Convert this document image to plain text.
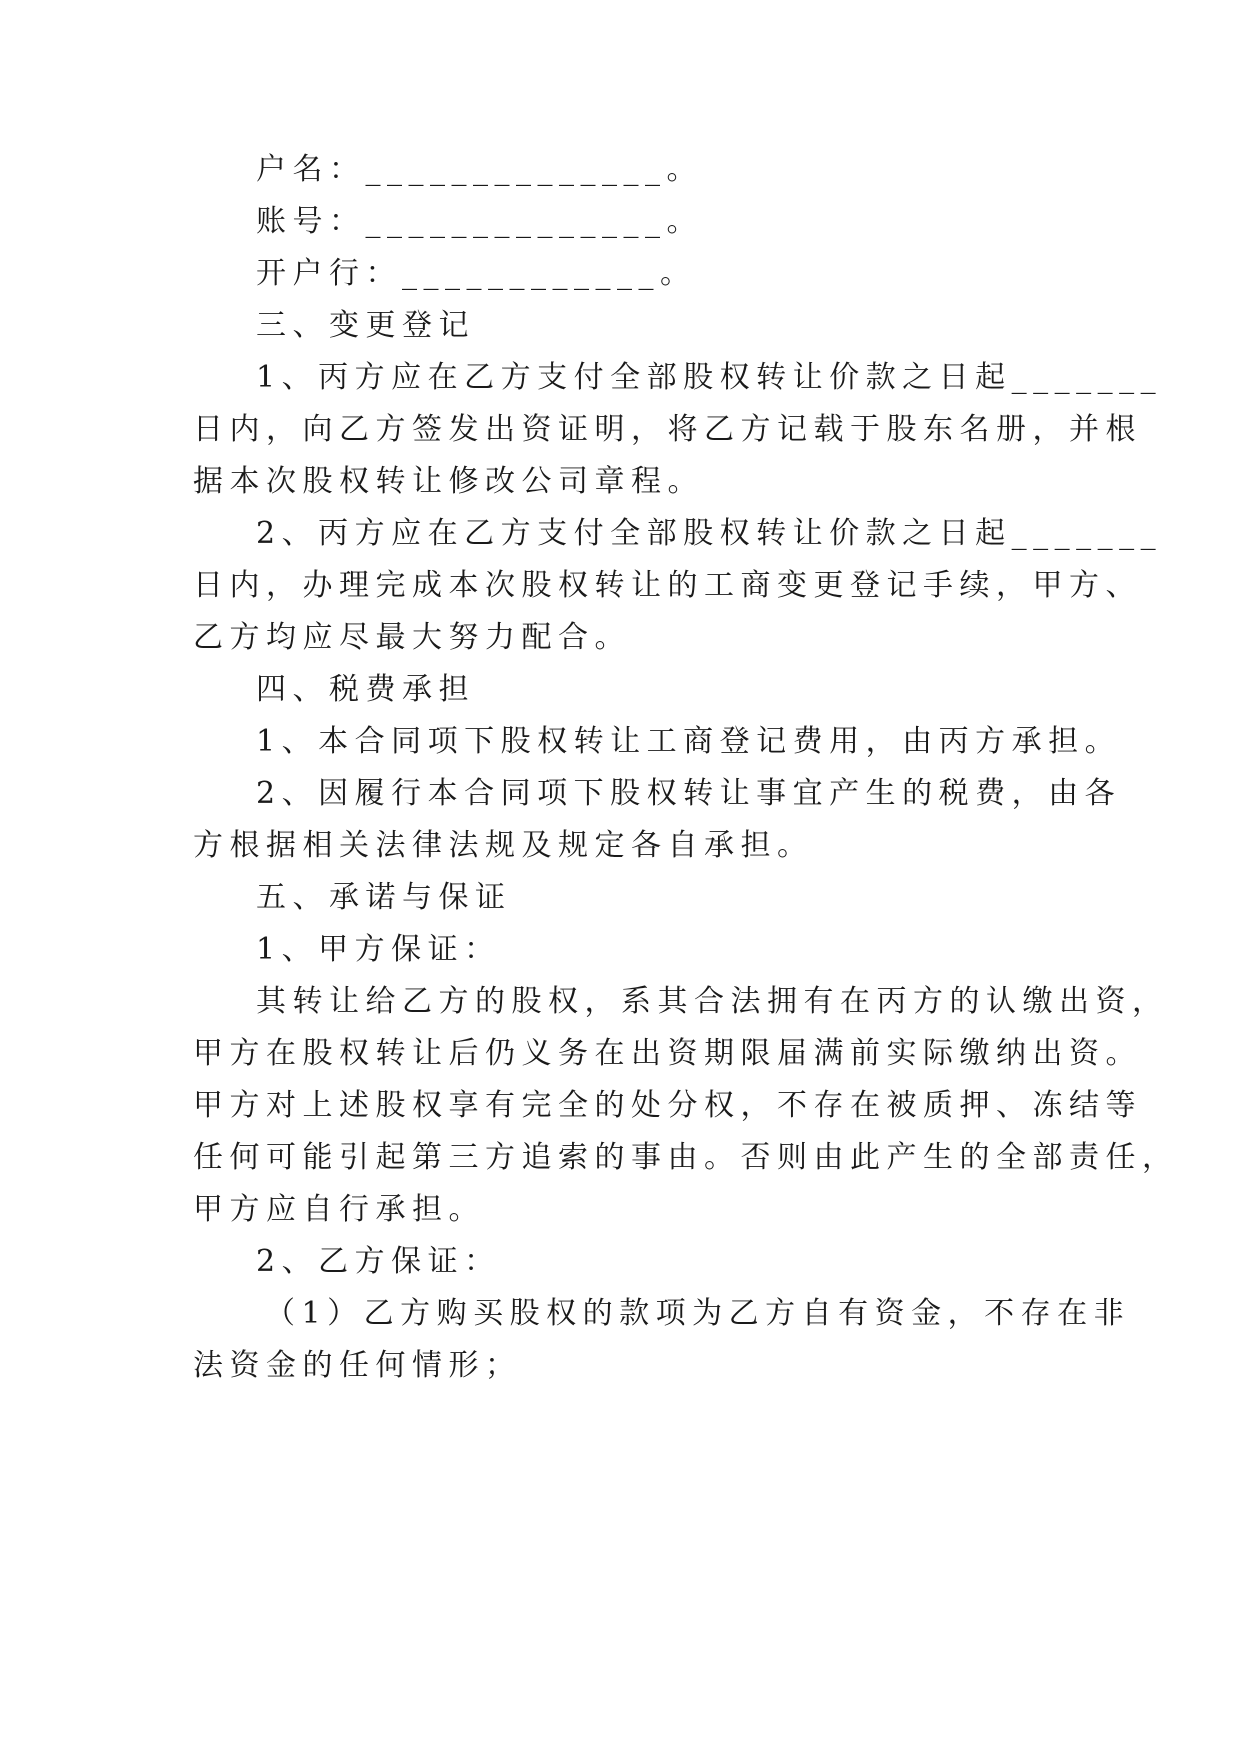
户名：______________。
账号：______________。
开户行：____________。
三、变更登记
1、丙方应在乙方支付全部股权转让价款之日起_______
日内，向乙方签发出资证明，将乙方记载于股东名册，并根
据本次股权转让修改公司章程。
2、丙方应在乙方支付全部股权转让价款之日起_______
日内，办理完成本次股权转让的工商变更登记手续，甲方、
乙方均应尽最大努力配合。
四、税费承担
1、本合同项下股权转让工商登记费用，由丙方承担。
2、因履行本合同项下股权转让事宜产生的税费，由各
方根据相关法律法规及规定各自承担。
五、承诺与保证
1、甲方保证：
其转让给乙方的股权，系其合法拥有在丙方的认缴出资，
甲方在股权转让后仍义务在出资期限届满前实际缴纳出资。
甲方对上述股权享有完全的处分权，不存在被质押、冻结等
任何可能引起第三方追索的事由。否则由此产生的全部责任，
甲方应自行承担。
2、乙方保证：
（1）乙方购买股权的款项为乙方自有资金，不存在非
法资金的任何情形；
